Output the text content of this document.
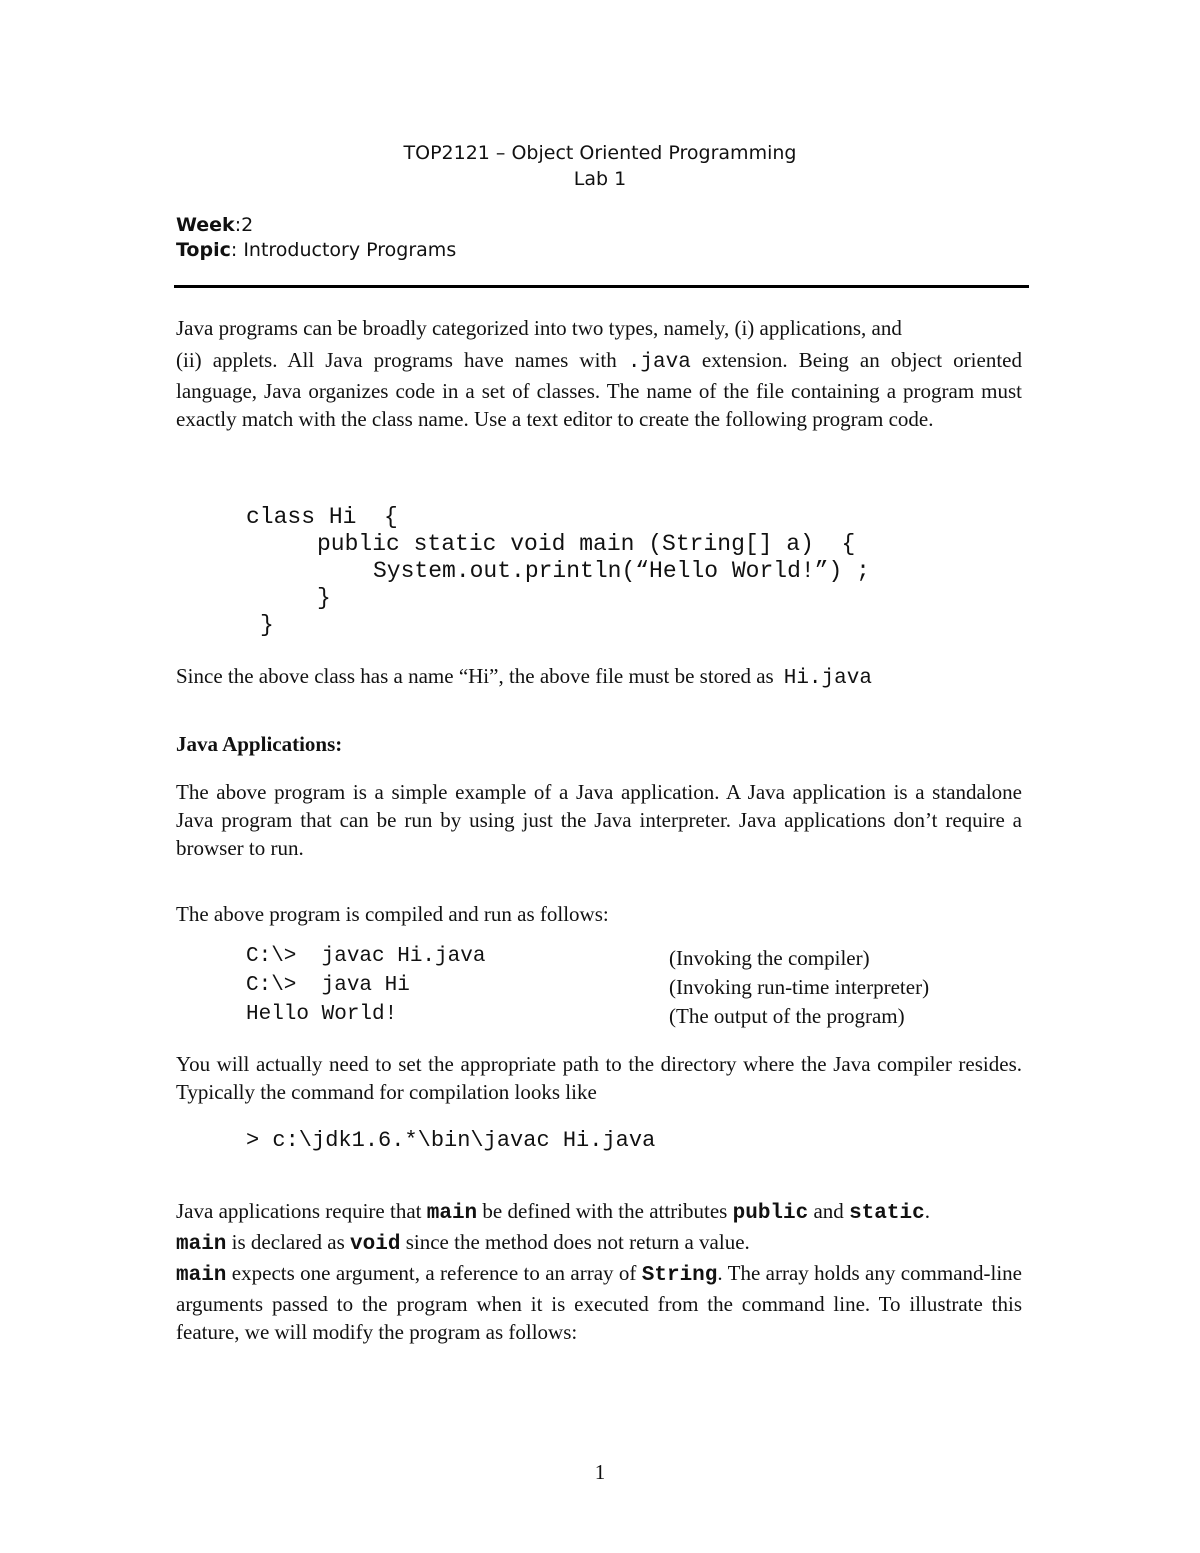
TOP2121 – Object Oriented Programming
Lab 1
Week:2
Topic: Introductory Programs
Java programs can be broadly categorized into two types, namely, (i) applications, and
(ii) applets. All Java programs have names with .java extension. Being an object oriented language, Java organizes code in a set of classes. The name of the file containing a program must exactly match with the class name. Use a text editor to create the following program code.
class Hi  {
public static void main (String[] a)  {
System.out.println(“Hello World!”) ;
}
}
Since the above class has a name “Hi”, the above file must be stored as Hi.java
Java Applications:
The above program is a simple example of a Java application. A Java application is a standalone Java program that can be run by using just the Java interpreter. Java applications don’t require a browser to run.
The above program is compiled and run as follows:
C:\>  javac Hi.java	(Invoking the compiler)
C:\>  java Hi	(Invoking run-time interpreter)
Hello World!	(The output of the program)
You will actually need to set the appropriate path to the directory where the Java compiler resides. Typically the command for compilation looks like
> c:\jdk1.6.*\bin\javac Hi.java
Java applications require that main be defined with the attributes public and static.
main is declared as void since the method does not return a value.
main expects one argument, a reference to an array of String. The array holds any command-line arguments passed to the program when it is executed from the command line. To illustrate this feature, we will modify the program as follows:
1
